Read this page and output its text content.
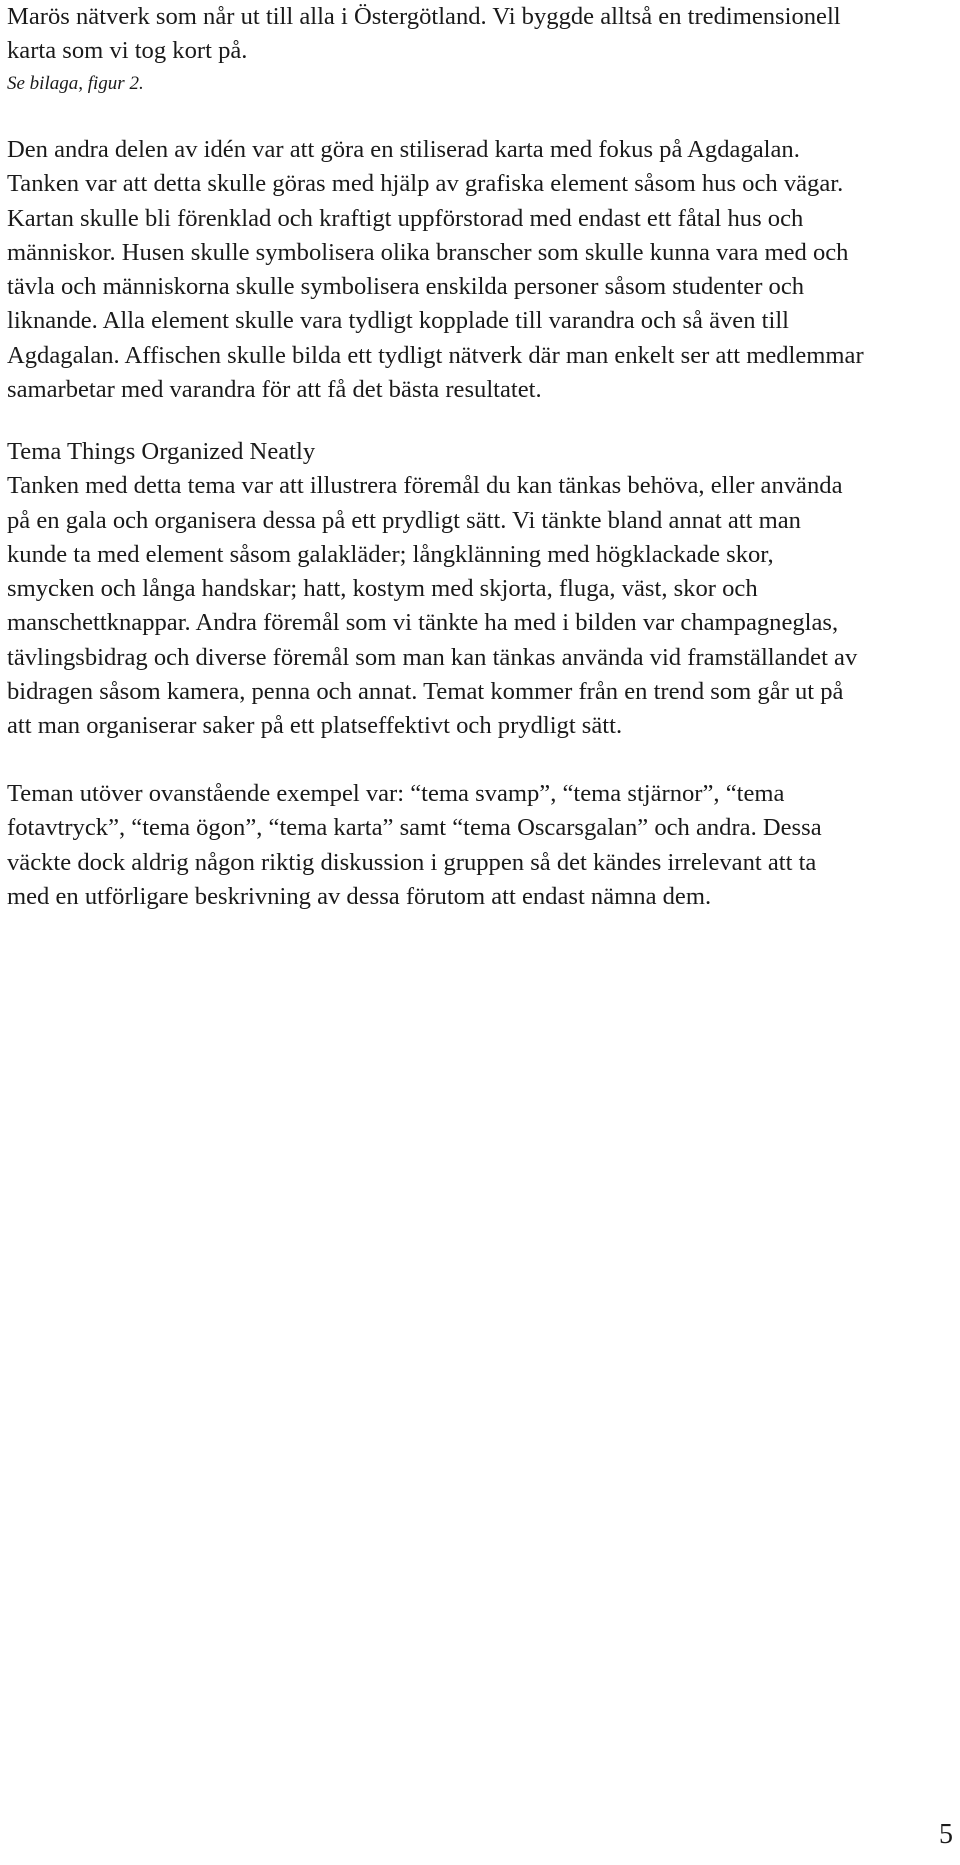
Marös nätverk som når ut till alla i Östergötland. Vi byggde alltså en tredimensionell
karta som vi tog kort på.
Se bilaga, figur 2.
Den andra delen av idén var att göra en stiliserad karta med fokus på Agdagalan.
Tanken var att detta skulle göras med hjälp av grafiska element såsom hus och vägar.
Kartan skulle bli förenklad och kraftigt uppförstorad med endast ett fåtal hus och
människor. Husen skulle symbolisera olika branscher som skulle kunna vara med och
tävla och människorna skulle symbolisera enskilda personer såsom studenter och
liknande. Alla element skulle vara tydligt kopplade till varandra och så även till
Agdagalan. Affischen skulle bilda ett tydligt nätverk där man enkelt ser att medlemmar
samarbetar med varandra för att få det bästa resultatet.
Tema Things Organized Neatly
Tanken med detta tema var att illustrera föremål du kan tänkas behöva, eller använda
på en gala och organisera dessa på ett prydligt sätt. Vi tänkte bland annat att man
kunde ta med element såsom galakläder; långklänning med högklackade skor,
smycken och långa handskar; hatt, kostym med skjorta, fluga, väst, skor och
manschettknappar. Andra föremål som vi tänkte ha med i bilden var champagneglas,
tävlingsbidrag och diverse föremål som man kan tänkas använda vid framställandet av
bidragen såsom kamera, penna och annat. Temat kommer från en trend som går ut på
att man organiserar saker på ett platseffektivt och prydligt sätt.
Teman utöver ovanstående exempel var: “tema svamp”, “tema stjärnor”, “tema
fotavtryck”, “tema ögon”, “tema karta” samt “tema Oscarsgalan” och andra. Dessa
väckte dock aldrig någon riktig diskussion i gruppen så det kändes irrelevant att ta
med en utförligare beskrivning av dessa förutom att endast nämna dem.
5
